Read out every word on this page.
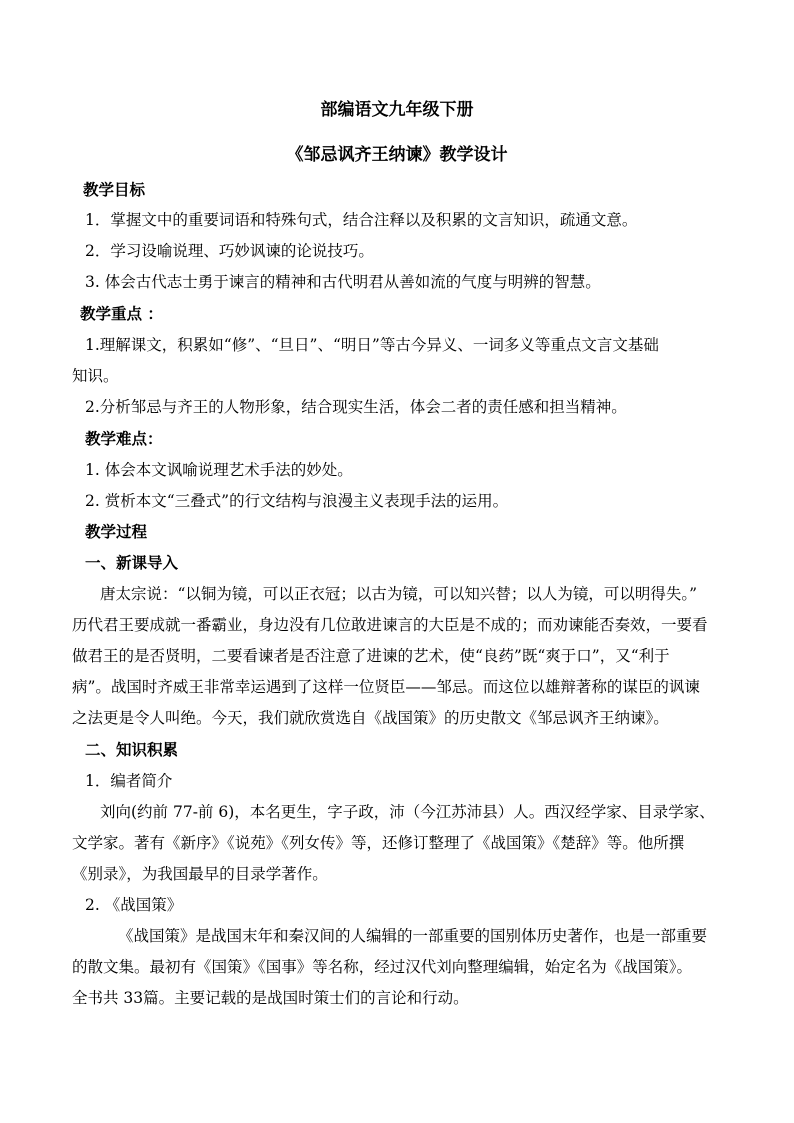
部编语文九年级下册
《邹忌讽齐王纳谏》教学设计
教学目标
1．掌握文中的重要词语和特殊句式，结合注释以及积累的文言知识，疏通文意。
2．学习设喻说理、巧妙讽谏的论说技巧。
3. 体会古代志士勇于谏言的精神和古代明君从善如流的气度与明辨的智慧。
教学重点 ：
1.理解课文，积累如“修”、“旦日”、“明日”等古今异义、一词多义等重点文言文基础
知识。
2.分析邹忌与齐王的人物形象，结合现实生活，体会二者的责任感和担当精神。
教学难点：
1. 体会本文讽喻说理艺术手法的妙处。
2. 赏析本文“三叠式”的行文结构与浪漫主义表现手法的运用。
教学过程
一、新课导入
唐太宗说：“以铜为镜，可以正衣冠；以古为镜，可以知兴替；以人为镜，可以明得失。”
历代君王要成就一番霸业，身边没有几位敢进谏言的大臣是不成的；而劝谏能否奏效，一要看
做君王的是否贤明，二要看谏者是否注意了进谏的艺术，使“良药”既“爽于口”，又“利于
病”。战国时齐威王非常幸运遇到了这样一位贤臣——邹忌。而这位以雄辩著称的谋臣的讽谏
之法更是令人叫绝。今天，我们就欣赏选自《战国策》的历史散文《邹忌讽齐王纳谏》。
二、知识积累
1．编者简介
刘向(约前 77-前 6)，本名更生，字子政，沛（今江苏沛县）人。西汉经学家、目录学家、
文学家。著有《新序》《说苑》《列女传》等，还修订整理了《战国策》《楚辞》等。他所撰
《别录》，为我国最早的目录学著作。
2. 《战国策》
《战国策》是战国末年和秦汉间的人编辑的一部重要的国别体历史著作，也是一部重要
的散文集。最初有《国策》《国事》等名称，经过汉代刘向整理编辑，始定名为《战国策》。
全书共 33篇。主要记载的是战国时策士们的言论和行动。
